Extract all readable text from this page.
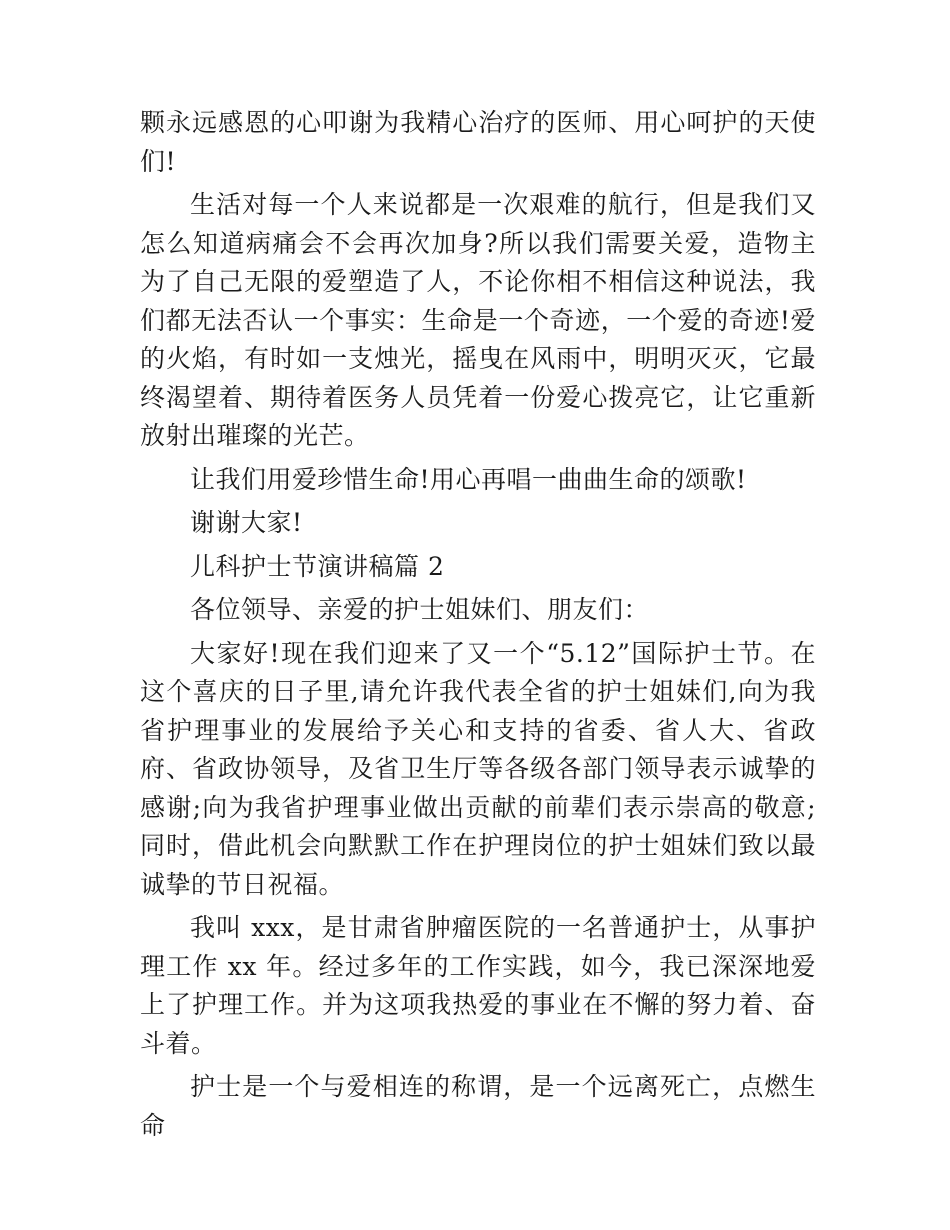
颗永远感恩的心叩谢为我精心治疗的医师、用心呵护的天使们!

生活对每一个人来说都是一次艰难的航行，但是我们又怎么知道病痛会不会再次加身?所以我们需要关爱，造物主为了自己无限的爱塑造了人，不论你相不相信这种说法，我们都无法否认一个事实：生命是一个奇迹，一个爱的奇迹!爱的火焰，有时如一支烛光，摇曳在风雨中，明明灭灭，它最终渴望着、期待着医务人员凭着一份爱心拨亮它，让它重新放射出璀璨的光芒。

让我们用爱珍惜生命!用心再唱一曲曲生命的颂歌!

谢谢大家!

儿科护士节演讲稿篇 2

各位领导、亲爱的护士姐妹们、朋友们：

大家好!现在我们迎来了又一个“5.12”国际护士节。在这个喜庆的日子里,请允许我代表全省的护士姐妹们,向为我省护理事业的发展给予关心和支持的省委、省人大、省政府、省政协领导，及省卫生厅等各级各部门领导表示诚挚的感谢;向为我省护理事业做出贡献的前辈们表示崇高的敬意;同时，借此机会向默默工作在护理岗位的护士姐妹们致以最诚挚的节日祝福。

我叫 xxx，是甘肃省肿瘤医院的一名普通护士，从事护理工作 xx 年。经过多年的工作实践，如今，我已深深地爱上了护理工作。并为这项我热爱的事业在不懈的努力着、奋斗着。

护士是一个与爱相连的称谓，是一个远离死亡，点燃生命
